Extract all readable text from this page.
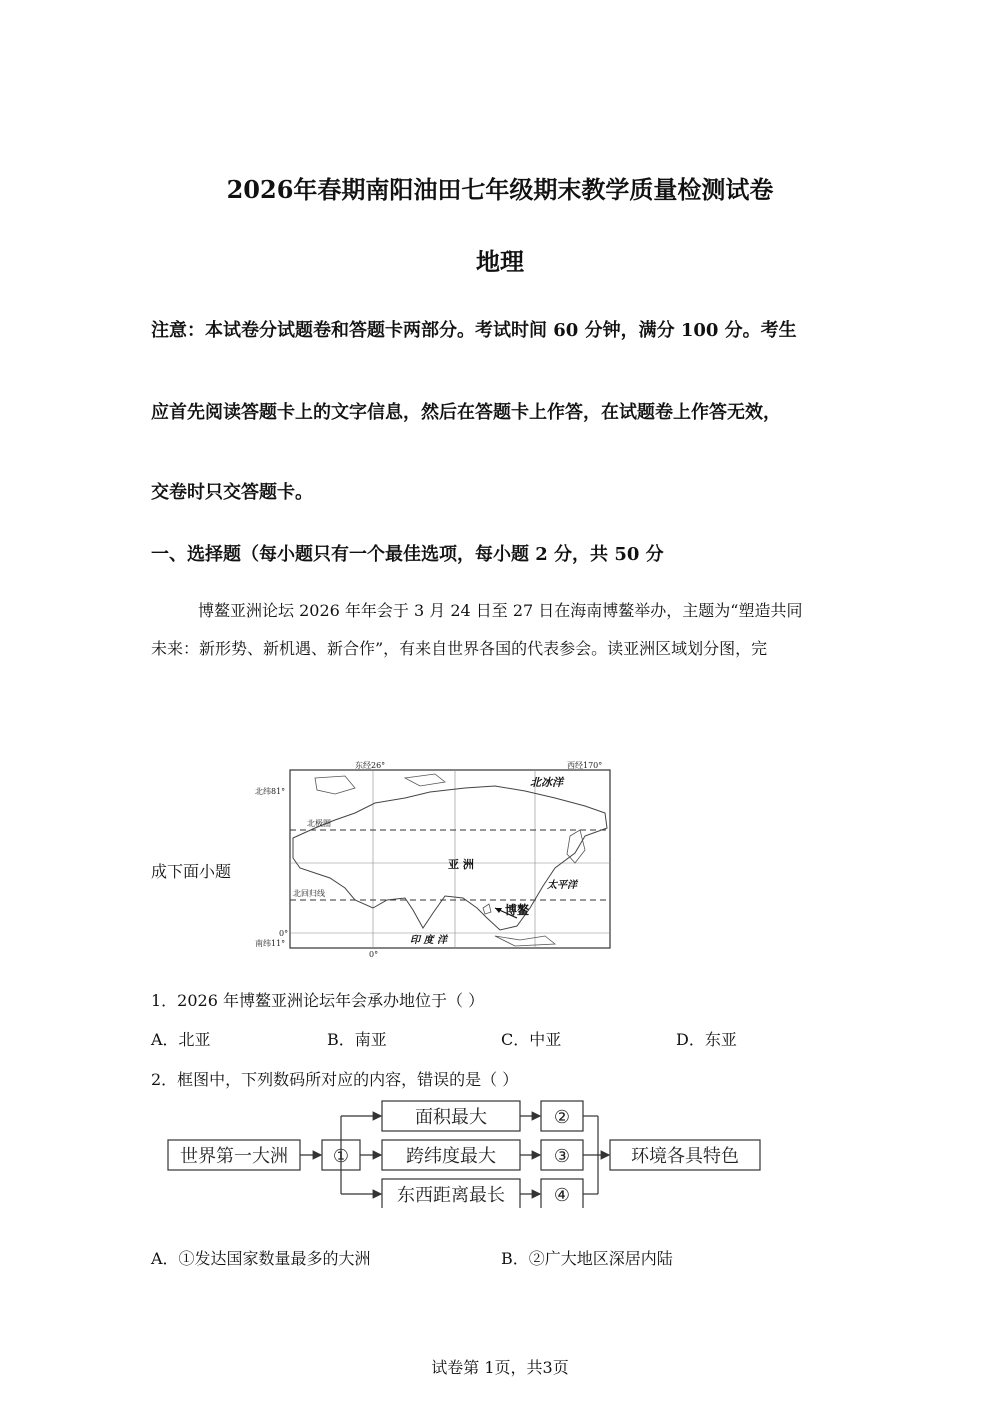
2026年春期南阳油田七年级期末教学质量检测试卷
地理
注意：本试卷分试题卷和答题卡两部分。考试时间 60 分钟，满分 100 分。考生
应首先阅读答题卡上的文字信息，然后在答题卡上作答，在试题卷上作答无效，
交卷时只交答题卡。
一、选择题（每小题只有一个最佳选项，每小题 2 分，共 50 分
博鳌亚洲论坛 2026 年年会于 3 月 24 日至 27 日在海南博鳌举办，主题为“塑造共同
未来：新形势、新机遇、新合作”，有来自世界各国的代表参会。读亚洲区域划分图，完
成下面小题
东经26°	西经170°
北纬81°
北极圈
北回归线
0°
南纬11°
0°
北冰洋
亚 洲
太平洋
印 度 洋
博鳌
1．2026 年博鳌亚洲论坛年会承办地位于（ ）
A．北亚	B．南亚	C．中亚	D．东亚
2．框图中，下列数码所对应的内容，错误的是（ ）
世界第一大洲 ①
面积最大
跨纬度最大
东西距离最长
②
③
④
环境各具特色
A．①发达国家数量最多的大洲	B．②广大地区深居内陆
试卷第 1页，共3页
